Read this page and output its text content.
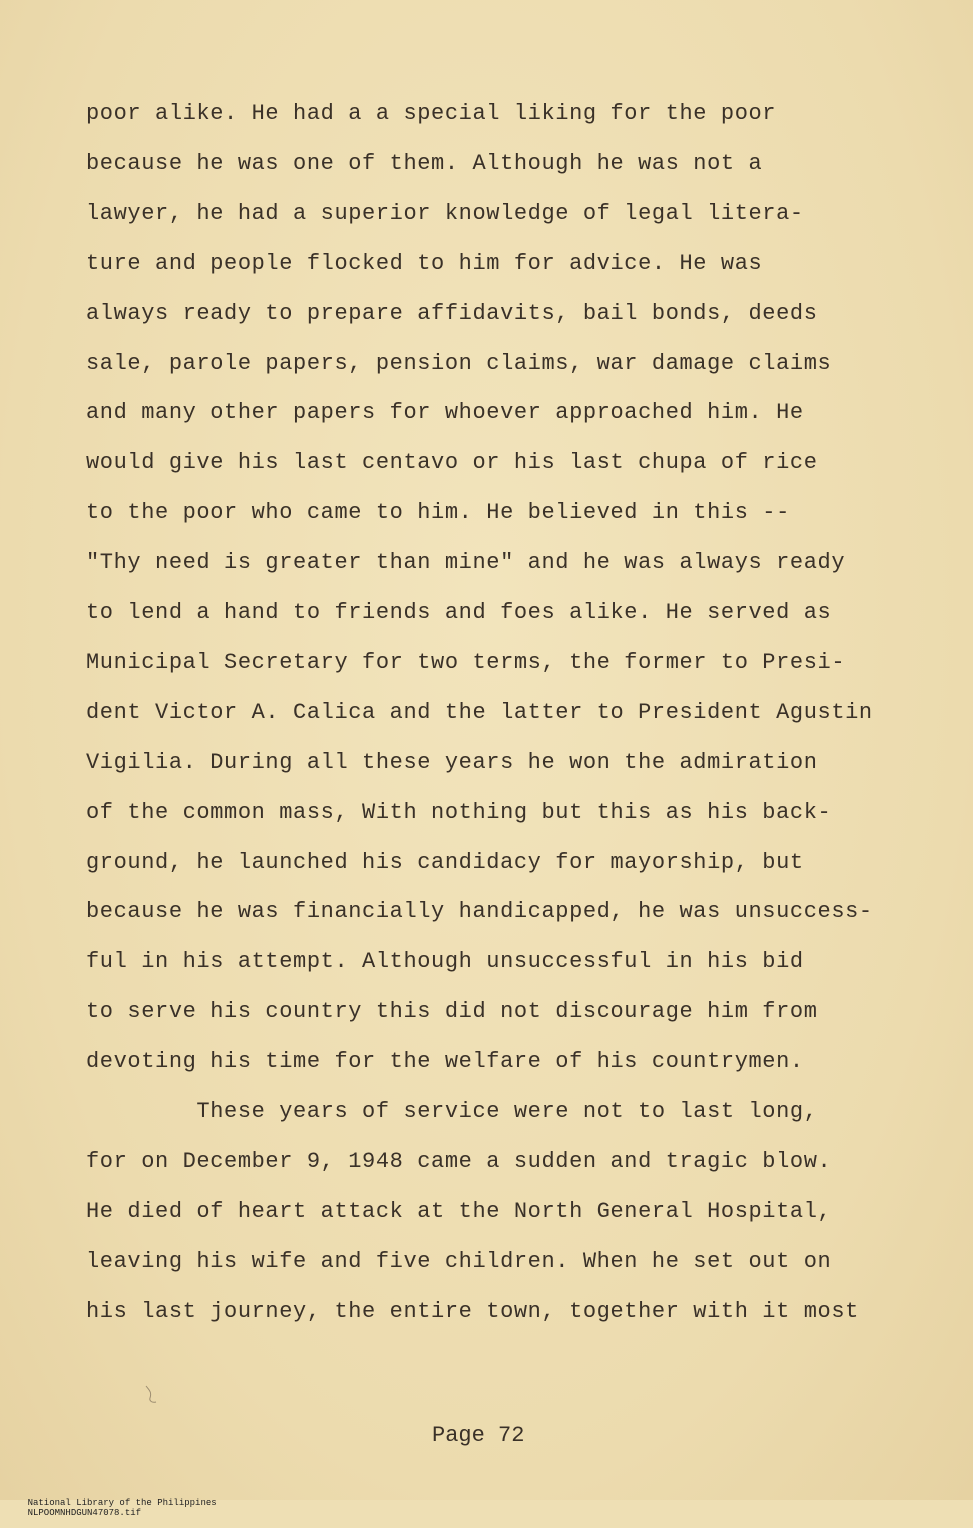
poor alike. He had a a special liking for the poor
because he was one of them. Although he was not a
lawyer, he had a superior knowledge of legal litera-
ture and people flocked to him for advice. He was
always ready to prepare affidavits, bail bonds, deeds
sale, parole papers, pension claims, war damage claims
and many other papers for whoever approached him. He
would give his last centavo or his last chupa of rice
to the poor who came to him. He believed in this --
"Thy need is greater than mine" and he was always ready
to lend a hand to friends and foes alike. He served as
Municipal Secretary for two terms, the former to Presi-
dent Victor A. Calica and the latter to President Agustin
Vigilia. During all these years he won the admiration
of the common mass, With nothing but this as his back-
ground, he launched his candidacy for mayorship, but
because he was financially handicapped, he was unsuccess-
ful in his attempt. Although unsuccessful in his bid
to serve his country this did not discourage him from
devoting his time for the welfare of his countrymen.
These years of service were not to last long,
for on December 9, 1948 came a sudden and tragic blow.
He died of heart attack at the North General Hospital,
leaving his wife and five children. When he set out on
his last journey, the entire town, together with it most
Page 72

National Library of the Philippines
NLPOOMNHDGUN47078.tif
